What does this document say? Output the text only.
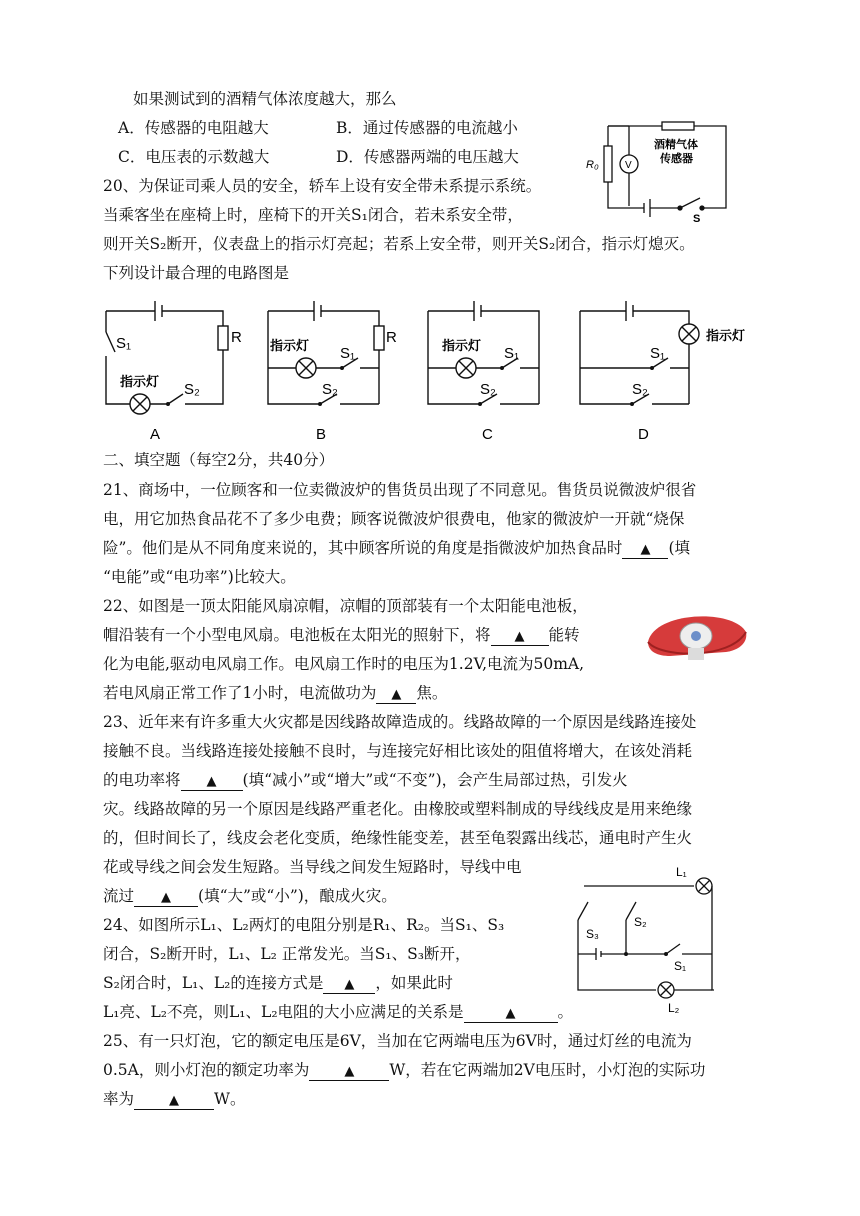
如果测试到的酒精气体浓度越大，那么
A．传感器的电阻越大	B．通过传感器的电流越小
C．电压表的示数越大	D．传感器两端的电压越大	R₀	V
酒精气体
传感器
S
20、为保证司乘人员的安全，轿车上设有安全带未系提示系统。
当乘客坐在座椅上时，座椅下的开关S₁闭合，若未系安全带，
则开关S₂断开，仪表盘上的指示灯亮起；若系上安全带，则开关S₂闭合，指示灯熄灭。
下列设计最合理的电路图是
S₁	R
指示灯 S₂
A
指示灯 S₁
R
S₂
B
指示灯 S₁
S₂
C
指示灯
S₁
S₂
D
二、填空题（每空2分，共40分）
21、商场中，一位顾客和一位卖微波炉的售货员出现了不同意见。售货员说微波炉很省
电，用它加热食品花不了多少电费；顾客说微波炉很费电，他家的微波炉一开就“烧保
险”。他们是从不同角度来说的，其中顾客所说的角度是指微波炉加热食品时 ▲ (填
“电能”或“电功率”)比较大。
22、如图是一顶太阳能风扇凉帽，凉帽的顶部装有一个太阳能电池板，
帽沿装有一个小型电风扇。电池板在太阳光的照射下，将 ▲ 能转
化为电能,驱动电风扇工作。电风扇工作时的电压为1.2V,电流为50mA,
若电风扇正常工作了1小时，电流做功为 ▲ 焦。
23、近年来有许多重大火灾都是因线路故障造成的。线路故障的一个原因是线路连接处
接触不良。当线路连接处接触不良时，与连接完好相比该处的阻值将增大，在该处消耗
的电功率将 ▲ (填“减小”或“增大”或“不变”)，会产生局部过热，引发火
灾。线路故障的另一个原因是线路严重老化。由橡胶或塑料制成的导线线皮是用来绝缘
的，但时间长了，线皮会老化变质，绝缘性能变差，甚至龟裂露出线芯，通电时产生火
花或导线之间会发生短路。当导线之间发生短路时，导线中电
流过 ▲ (填“大”或“小”)，酿成火灾。
24、如图所示L₁、L₂两灯的电阻分别是R₁、R₂。当S₁、S₃
闭合，S₂断开时，L₁、L₂ 正常发光。当S₁、S₃断开，
S₂闭合时，L₁、L₂的连接方式是 ▲ ，如果此时
L₁亮、L₂不亮，则L₁、L₂电阻的大小应满足的关系是	▲	。
L₁
L₂
S₃
S₂
S₁
25、有一只灯泡，它的额定电压是6V，当加在它两端电压为6V时，通过灯丝的电流为
0.5A，则小灯泡的额定功率为	▲ W，若在它两端加2V电压时，小灯泡的实际功
率为	▲ W。
